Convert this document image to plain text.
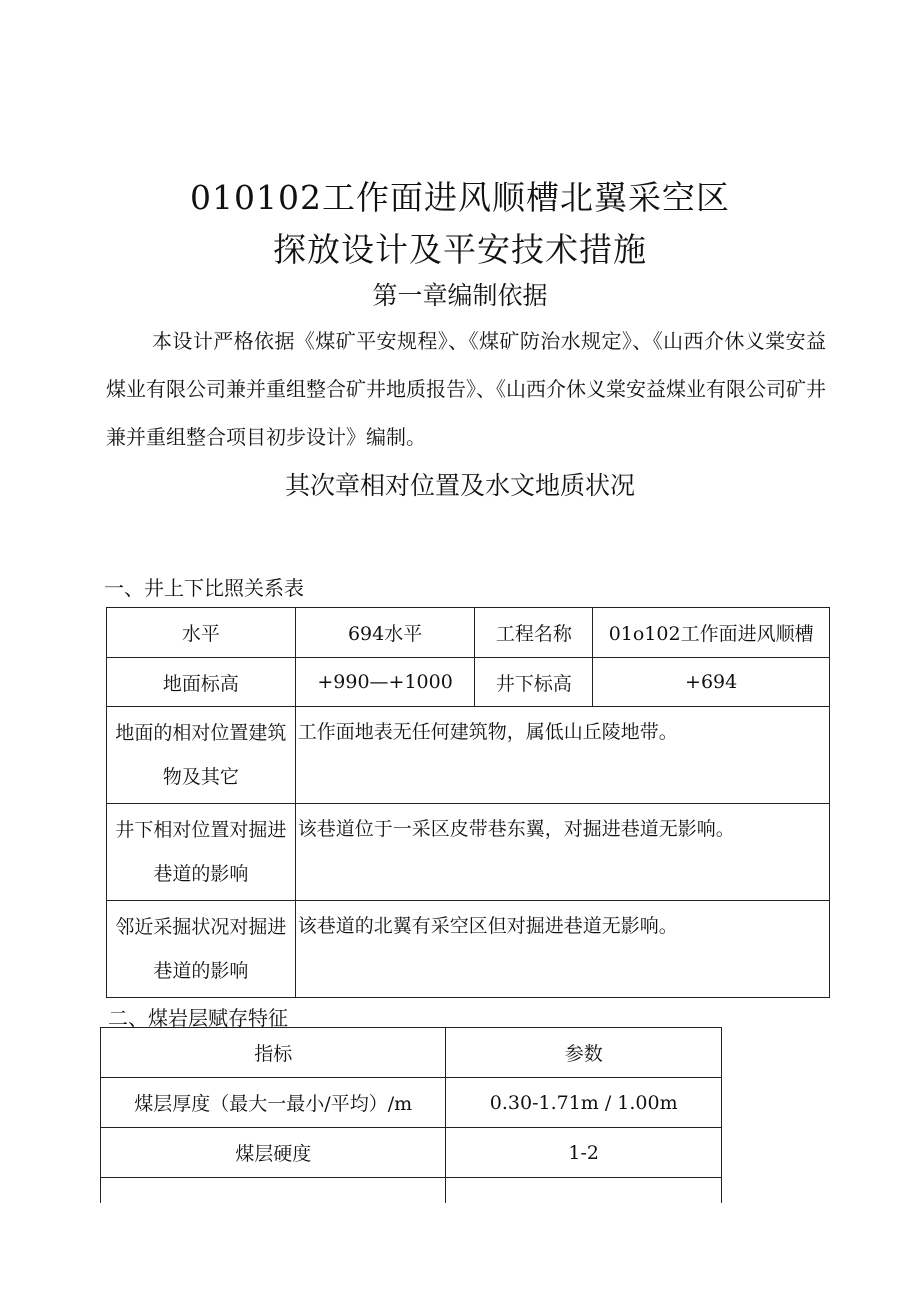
010102工作面进风顺槽北翼采空区
探放设计及平安技术措施
第一章编制依据
本设计严格依据《煤矿平安规程》、《煤矿防治水规定》、《山西介休义棠安益煤业有限公司兼并重组整合矿井地质报告》、《山西介休义棠安益煤业有限公司矿井兼并重组整合项目初步设计》编制。
其次章相对位置及水文地质状况
一、井上下比照关系表
水平	694水平	工程名称	01o102工作面进风顺槽
地面标高	+990—+1000	井下标高	+694
地面的相对位置建筑物及其它	工作面地表无任何建筑物，属低山丘陵地带。		
井下相对位置对掘进巷道的影响	该巷道位于一采区皮带巷东翼，对掘进巷道无影响。		
邻近采掘状况对掘进巷道的影响	该巷道的北翼有采空区但对掘进巷道无影响。		
二、煤岩层赋存特征
指标	参数
煤层厚度（最大一最小/平均）/m	0.30-1.71m / 1.00m
煤层硬度	1-2
